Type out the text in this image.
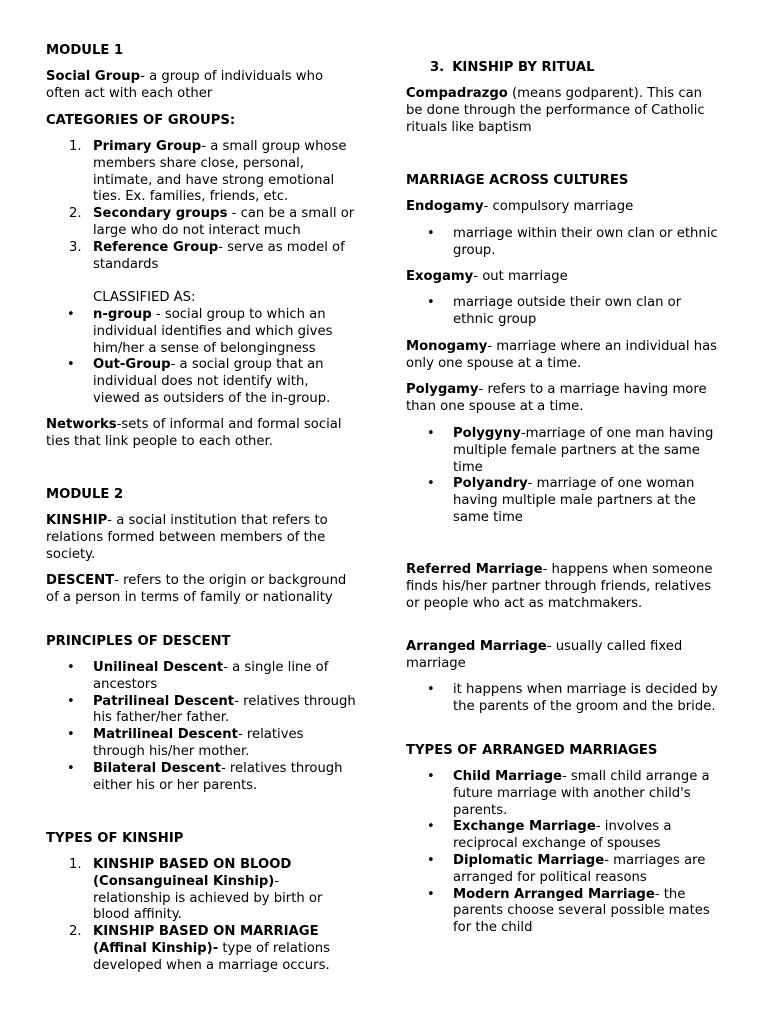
MODULE 1

Social Group- a group of individuals who often act with each other

CATEGORIES OF GROUPS:

1. Primary Group- a small group whose members share close, personal, intimate, and have strong emotional ties. Ex. families, friends, etc.
2. Secondary groups - can be a small or large who do not interact much
3. Reference Group- serve as model of standards

CLASSIFIED AS:

• n-group - social group to which an individual identifies and which gives him/her a sense of belongingness
• Out-Group- a social group that an individual does not identify with, viewed as outsiders of the in-group.

Networks-sets of informal and formal social ties that link people to each other.

MODULE 2

KINSHIP- a social institution that refers to relations formed between members of the society.

DESCENT- refers to the origin or background of a person in terms of family or nationality

PRINCIPLES OF DESCENT

• Unilineal Descent- a single line of ancestors
• Patrilineal Descent- relatives through his father/her father.
• Matrilineal Descent- relatives through his/her mother.
• Bilateral Descent- relatives through either his or her parents.

TYPES OF KINSHIP

1. KINSHIP BASED ON BLOOD (Consanguineal Kinship)- relationship is achieved by birth or blood affinity.
2. KINSHIP BASED ON MARRIAGE (Affinal Kinship)- type of relations developed when a marriage occurs.

3. KINSHIP BY RITUAL

Compadrazgo (means godparent). This can be done through the performance of Catholic rituals like baptism

MARRIAGE ACROSS CULTURES

Endogamy- compulsory marriage

• marriage within their own clan or ethnic group.

Exogamy- out marriage

• marriage outside their own clan or ethnic group

Monogamy- marriage where an individual has only one spouse at a time.

Polygamy- refers to a marriage having more than one spouse at a time.

• Polygyny-marriage of one man having multiple female partners at the same time
• Polyandry- marriage of one woman having multiple male partners at the same time

Referred Marriage- happens when someone finds his/her partner through friends, relatives or people who act as matchmakers.

Arranged Marriage- usually called fixed marriage

• it happens when marriage is decided by the parents of the groom and the bride.

TYPES OF ARRANGED MARRIAGES

• Child Marriage- small child arrange a future marriage with another child's parents.
• Exchange Marriage- involves a reciprocal exchange of spouses
• Diplomatic Marriage- marriages are arranged for political reasons
• Modern Arranged Marriage- the parents choose several possible mates for the child
